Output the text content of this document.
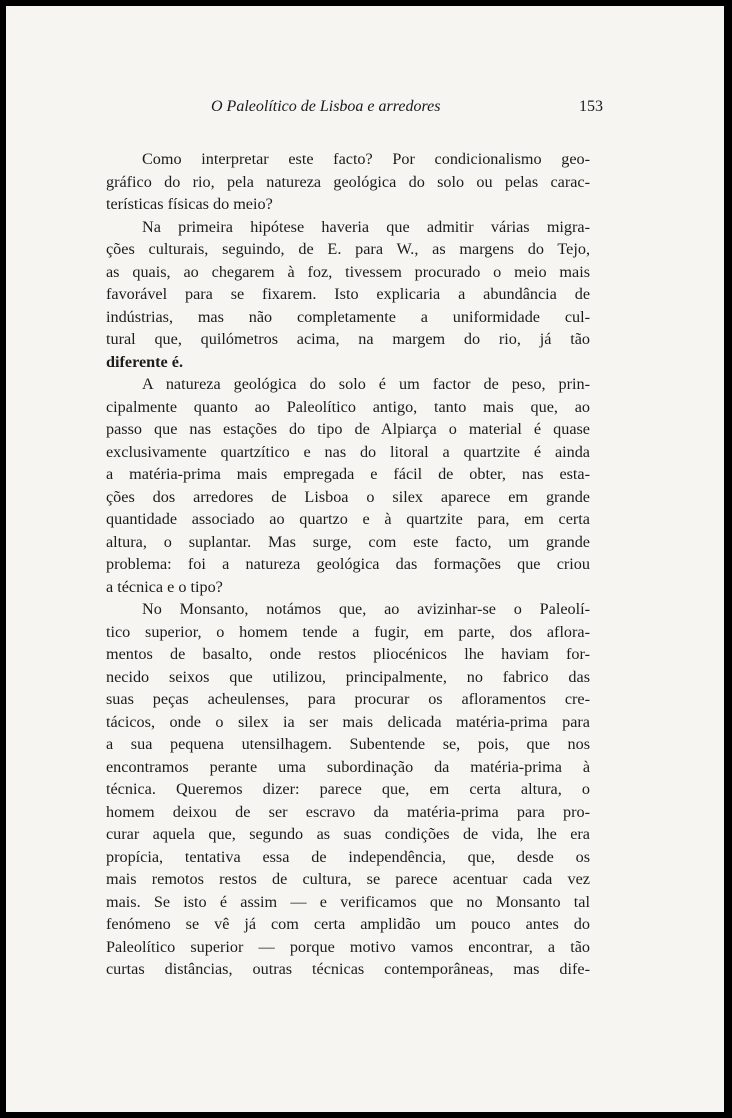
O Paleolítico de Lisboa e arredores	153
Como interpretar este facto? Por condicionalismo geo-
gráfico do rio, pela natureza geológica do solo ou pelas carac-
terísticas físicas do meio?
Na primeira hipótese haveria que admitir várias migra-
ções culturais, seguindo, de E. para W., as margens do Tejo,
as quais, ao chegarem à foz, tivessem procurado o meio mais
favorável para se fixarem. Isto explicaria a abundância de
indústrias, mas não completamente a uniformidade cul-
tural que, quilómetros acima, na margem do rio, já tão
diferente é.
A natureza geológica do solo é um factor de peso, prin-
cipalmente quanto ao Paleolítico antigo, tanto mais que, ao
passo que nas estações do tipo de Alpiarça o material é quase
exclusivamente quartzítico e nas do litoral a quartzite é ainda
a matéria-prima mais empregada e fácil de obter, nas esta-
ções dos arredores de Lisboa o silex aparece em grande
quantidade associado ao quartzo e à quartzite para, em certa
altura, o suplantar. Mas surge, com este facto, um grande
problema: foi a natureza geológica das formações que criou
a técnica e o tipo?
No Monsanto, notámos que, ao avizinhar-se o Paleolí-
tico superior, o homem tende a fugir, em parte, dos aflora-
mentos de basalto, onde restos pliocénicos lhe haviam for-
necido seixos que utilizou, principalmente, no fabrico das
suas peças acheulenses, para procurar os afloramentos cre-
tácicos, onde o silex ia ser mais delicada matéria-prima para
a sua pequena utensilhagem. Subentende se, pois, que nos
encontramos perante uma subordinação da matéria-prima à
técnica. Queremos dizer: parece que, em certa altura, o
homem deixou de ser escravo da matéria-prima para pro-
curar aquela que, segundo as suas condições de vida, lhe era
propícia, tentativa essa de independência, que, desde os
mais remotos restos de cultura, se parece acentuar cada vez
mais. Se isto é assim — e verificamos que no Monsanto tal
fenómeno se vê já com certa amplidão um pouco antes do
Paleolítico superior — porque motivo vamos encontrar, a tão
curtas distâncias, outras técnicas contemporâneas, mas dife-
